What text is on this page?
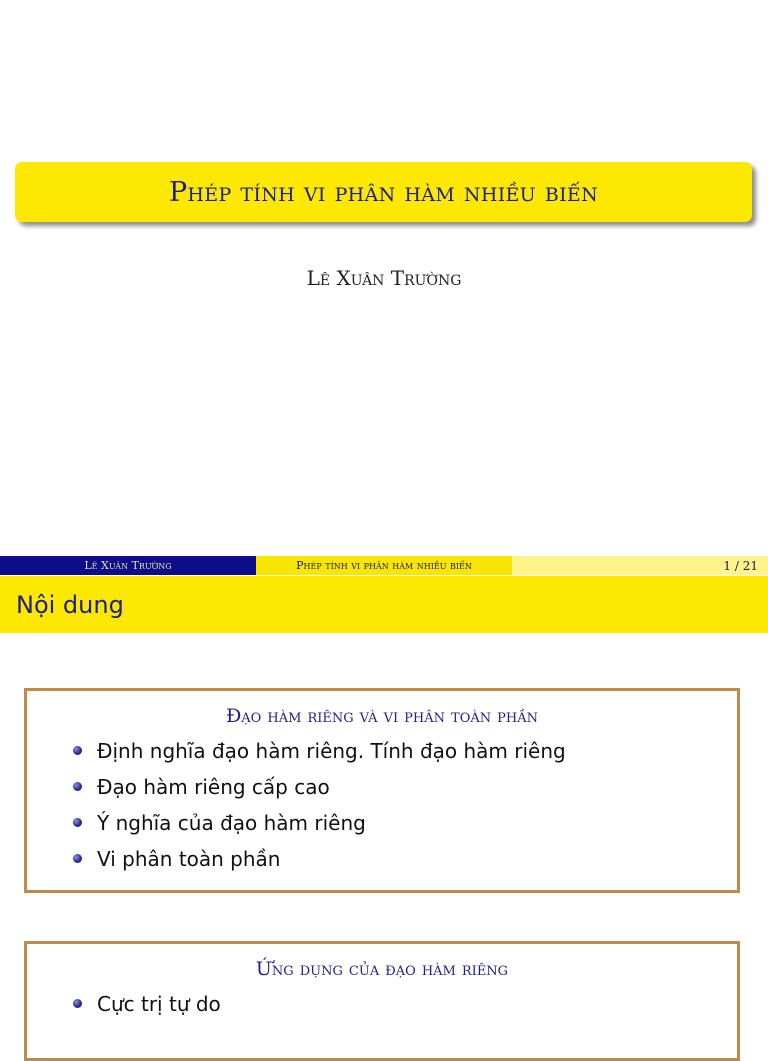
Phép tính vi phân hàm nhiều biến
Lê Xuân Trường
Lê Xuân Trường	Phép tính vi phân hàm nhiều biến	1 / 21
Nội dung
Đạo hàm riêng và vi phân toàn phần
Định nghĩa đạo hàm riêng. Tính đạo hàm riêng
Đạo hàm riêng cấp cao
Ý nghĩa của đạo hàm riêng
Vi phân toàn phần
Ứng dụng của đạo hàm riêng
Cực trị tự do
